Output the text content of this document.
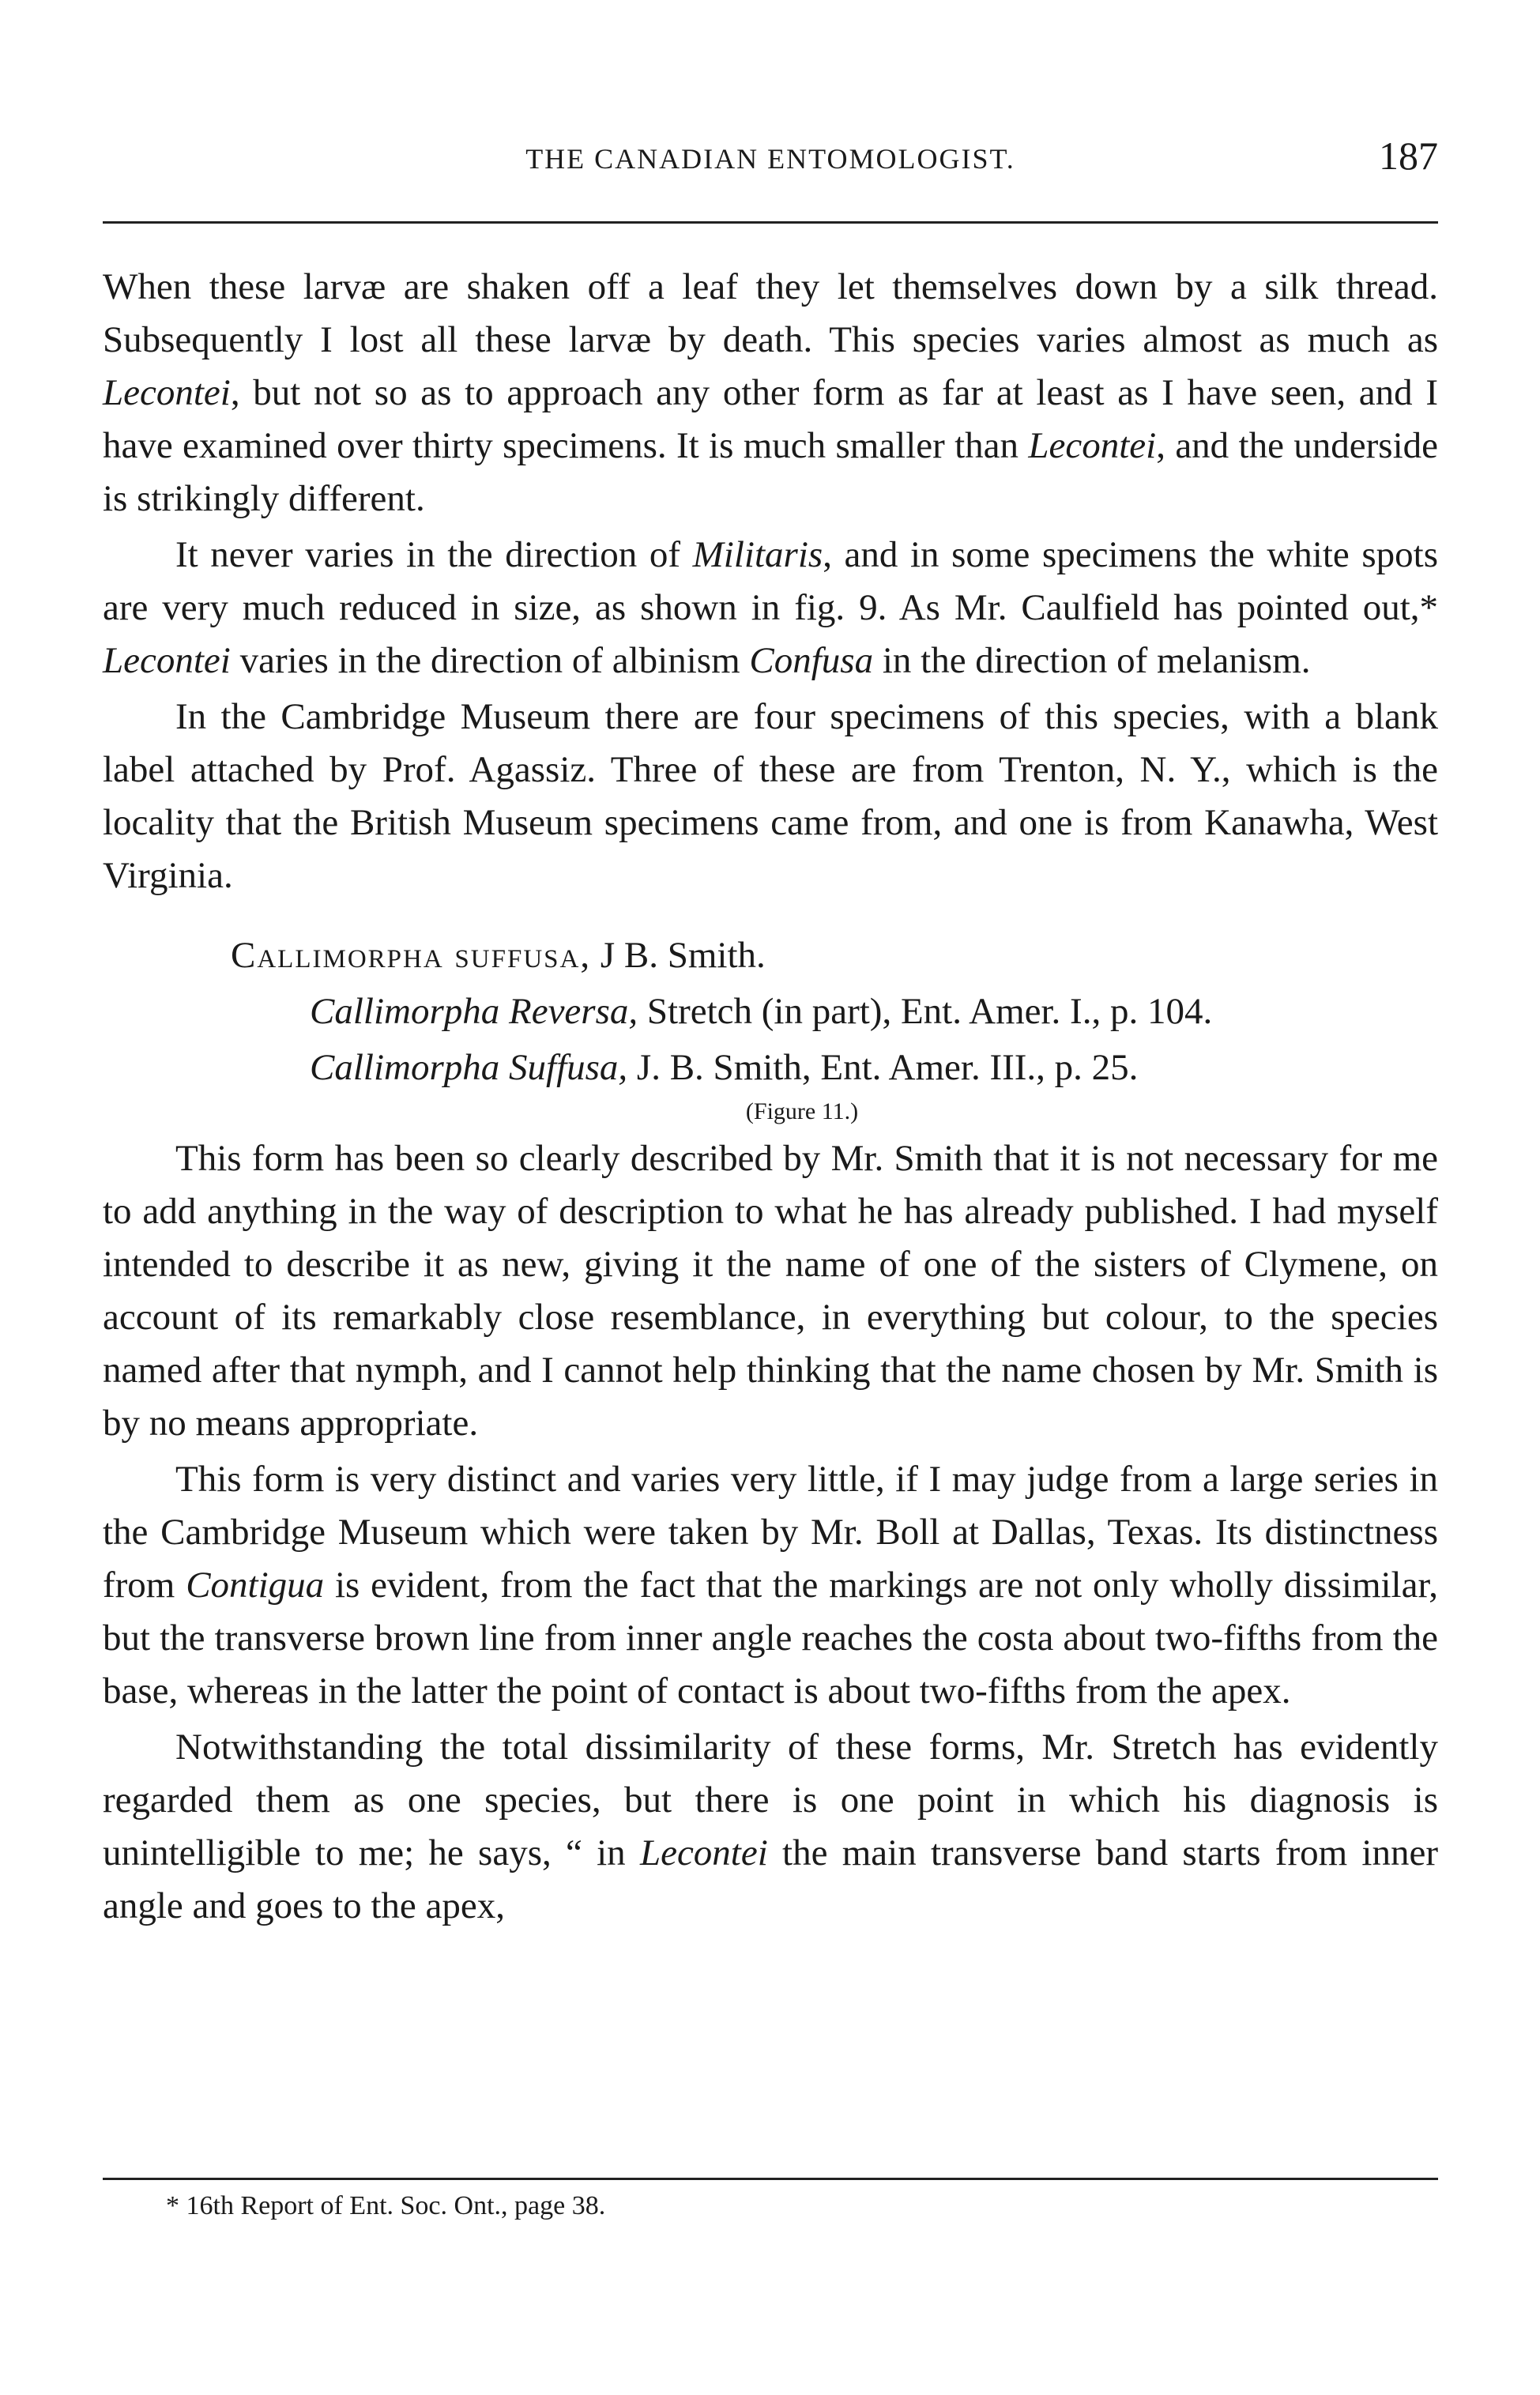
THE CANADIAN ENTOMOLOGIST.	187

When these larvæ are shaken off a leaf they let themselves down by a silk thread. Subsequently I lost all these larvæ by death. This species varies almost as much as Lecontei, but not so as to approach any other form as far at least as I have seen, and I have examined over thirty specimens. It is much smaller than Lecontei, and the underside is strikingly different.

It never varies in the direction of Militaris, and in some specimens the white spots are very much reduced in size, as shown in fig. 9. As Mr. Caulfield has pointed out,* Lecontei varies in the direction of albinism Confusa in the direction of melanism.

In the Cambridge Museum there are four specimens of this species, with a blank label attached by Prof. Agassiz. Three of these are from Trenton, N. Y., which is the locality that the British Museum specimens came from, and one is from Kanawha, West Virginia.

Callimorpha suffusa, J B. Smith.

Callimorpha Reversa, Stretch (in part), Ent. Amer. I., p. 104.

Callimorpha Suffusa, J. B. Smith, Ent. Amer. III., p. 25.

(Figure 11.)

This form has been so clearly described by Mr. Smith that it is not necessary for me to add anything in the way of description to what he has already published. I had myself intended to describe it as new, giving it the name of one of the sisters of Clymene, on account of its remarkably close resemblance, in everything but colour, to the species named after that nymph, and I cannot help thinking that the name chosen by Mr. Smith is by no means appropriate.

This form is very distinct and varies very little, if I may judge from a large series in the Cambridge Museum which were taken by Mr. Boll at Dallas, Texas. Its distinctness from Contigua is evident, from the fact that the markings are not only wholly dissimilar, but the transverse brown line from inner angle reaches the costa about two-fifths from the base, whereas in the latter the point of contact is about two-fifths from the apex.

Notwithstanding the total dissimilarity of these forms, Mr. Stretch has evidently regarded them as one species, but there is one point in which his diagnosis is unintelligible to me; he says, “ in Lecontei the main transverse band starts from inner angle and goes to the apex,

* 16th Report of Ent. Soc. Ont., page 38.
